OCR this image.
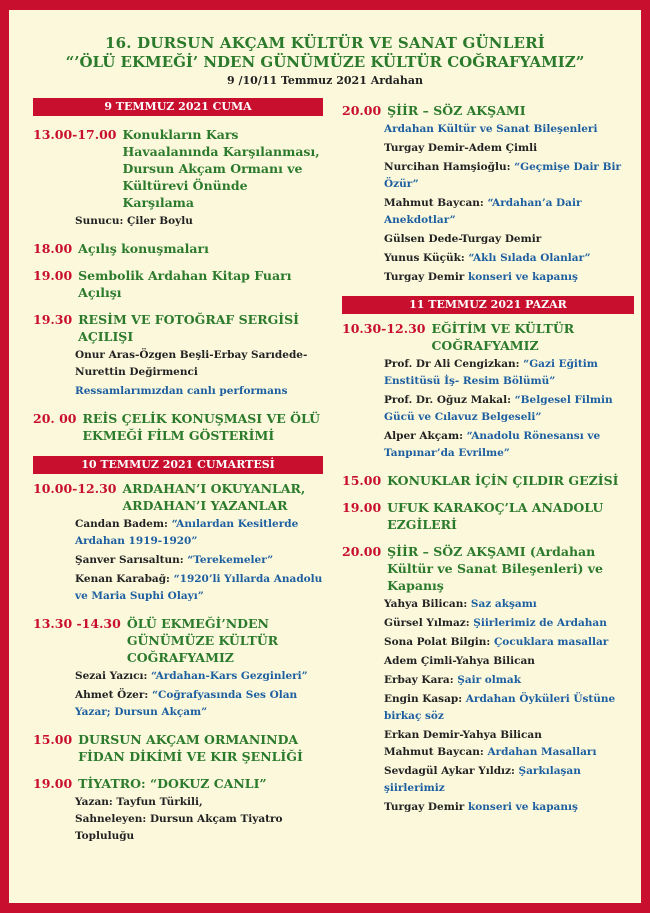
16. DURSUN AKÇAM KÜLTÜR VE SANAT GÜNLERİ
“’ÖLÜ EKMEĞİ’ NDEN GÜNÜMÜZE KÜLTÜR COĞRAFYAMIZ”
9 /10/11 Temmuz 2021 Ardahan
9 TEMMUZ 2021 CUMA
13.00-17.00 Konukların Kars Havaalanında Karşılanması, Dursun Akçam Ormanı ve Kültürevi Önünde Karşılama
Sunucu: Çiler Boylu
18.00 Açılış konuşmaları
19.00 Sembolik Ardahan Kitap Fuarı Açılışı
19.30 RESİM VE FOTOĞRAF SERGİSİ AÇILIŞI
Onur Aras-Özgen Beşli-Erbay Sarıdede-Nurettin Değirmenci
Ressamlarımızdan canlı performans
20. 00 REİS ÇELİK KONUŞMASI VE ÖLÜ EKMEĞİ FİLM GÖSTERİMİ
10 TEMMUZ 2021 CUMARTESİ
10.00-12.30 ARDAHAN’I OKUYANLAR, ARDAHAN’I YAZANLAR
Candan Badem: “Anılardan Kesitlerde Ardahan 1919-1920”
Şanver Sarısaltun: “Terekemeler”
Kenan Karabağ: “1920’li Yıllarda Anadolu ve Maria Suphi Olayı”
13.30 -14.30 ÖLÜ EKMEĞİ’NDEN GÜNÜMÜZE KÜLTÜR COĞRAFYAMIZ
Sezai Yazıcı: “Ardahan-Kars Gezginleri”
Ahmet Özer: “Coğrafyasında Ses Olan Yazar; Dursun Akçam”
15.00 DURSUN AKÇAM ORMANINDA FİDAN DİKİMİ VE KIR ŞENLİĞİ
19.00 TİYATRO: “DOKUZ CANLI”
Yazan: Tayfun Türkili,
Sahneleyen: Dursun Akçam Tiyatro Topluluğu
20.00 ŞİİR – SÖZ AKŞAMI
Ardahan Kültür ve Sanat Bileşenleri
Turgay Demir-Adem Çimli
Nurcihan Hamşioğlu: “Geçmişe Dair Bir Özür”
Mahmut Baycan: “Ardahan’a Dair Anekdotlar”
Gülsen Dede-Turgay Demir
Yunus Küçük: “Aklı Sılada Olanlar”
Turgay Demir konseri ve kapanış
11 TEMMUZ 2021 PAZAR
10.30-12.30 EĞİTİM VE KÜLTÜR COĞRAFYAMIZ
Prof. Dr Ali Cengizkan: “Gazi Eğitim Enstitüsü İş- Resim Bölümü”
Prof. Dr. Oğuz Makal: “Belgesel Filmin Gücü ve Cılavuz Belgeseli”
Alper Akçam: “Anadolu Rönesansı ve Tanpınar’da Evrilme”
15.00 KONUKLAR İÇİN ÇILDIR GEZİSİ
19.00 UFUK KARAKOÇ’LA ANADOLU EZGİLERİ
20.00 ŞİİR – SÖZ AKŞAMI (Ardahan Kültür ve Sanat Bileşenleri) ve Kapanış
Yahya Bilican: Saz akşamı
Gürsel Yılmaz: Şiirlerimiz de Ardahan
Sona Polat Bilgin: Çocuklara masallar
Adem Çimli-Yahya Bilican
Erbay Kara: Şair olmak
Engin Kasap: Ardahan Öyküleri Üstüne birkaç söz
Erkan Demir-Yahya Bilican
Mahmut Baycan: Ardahan Masalları
Sevdagül Aykar Yıldız: Şarkılaşan şiirlerimiz
Turgay Demir konseri ve kapanış
